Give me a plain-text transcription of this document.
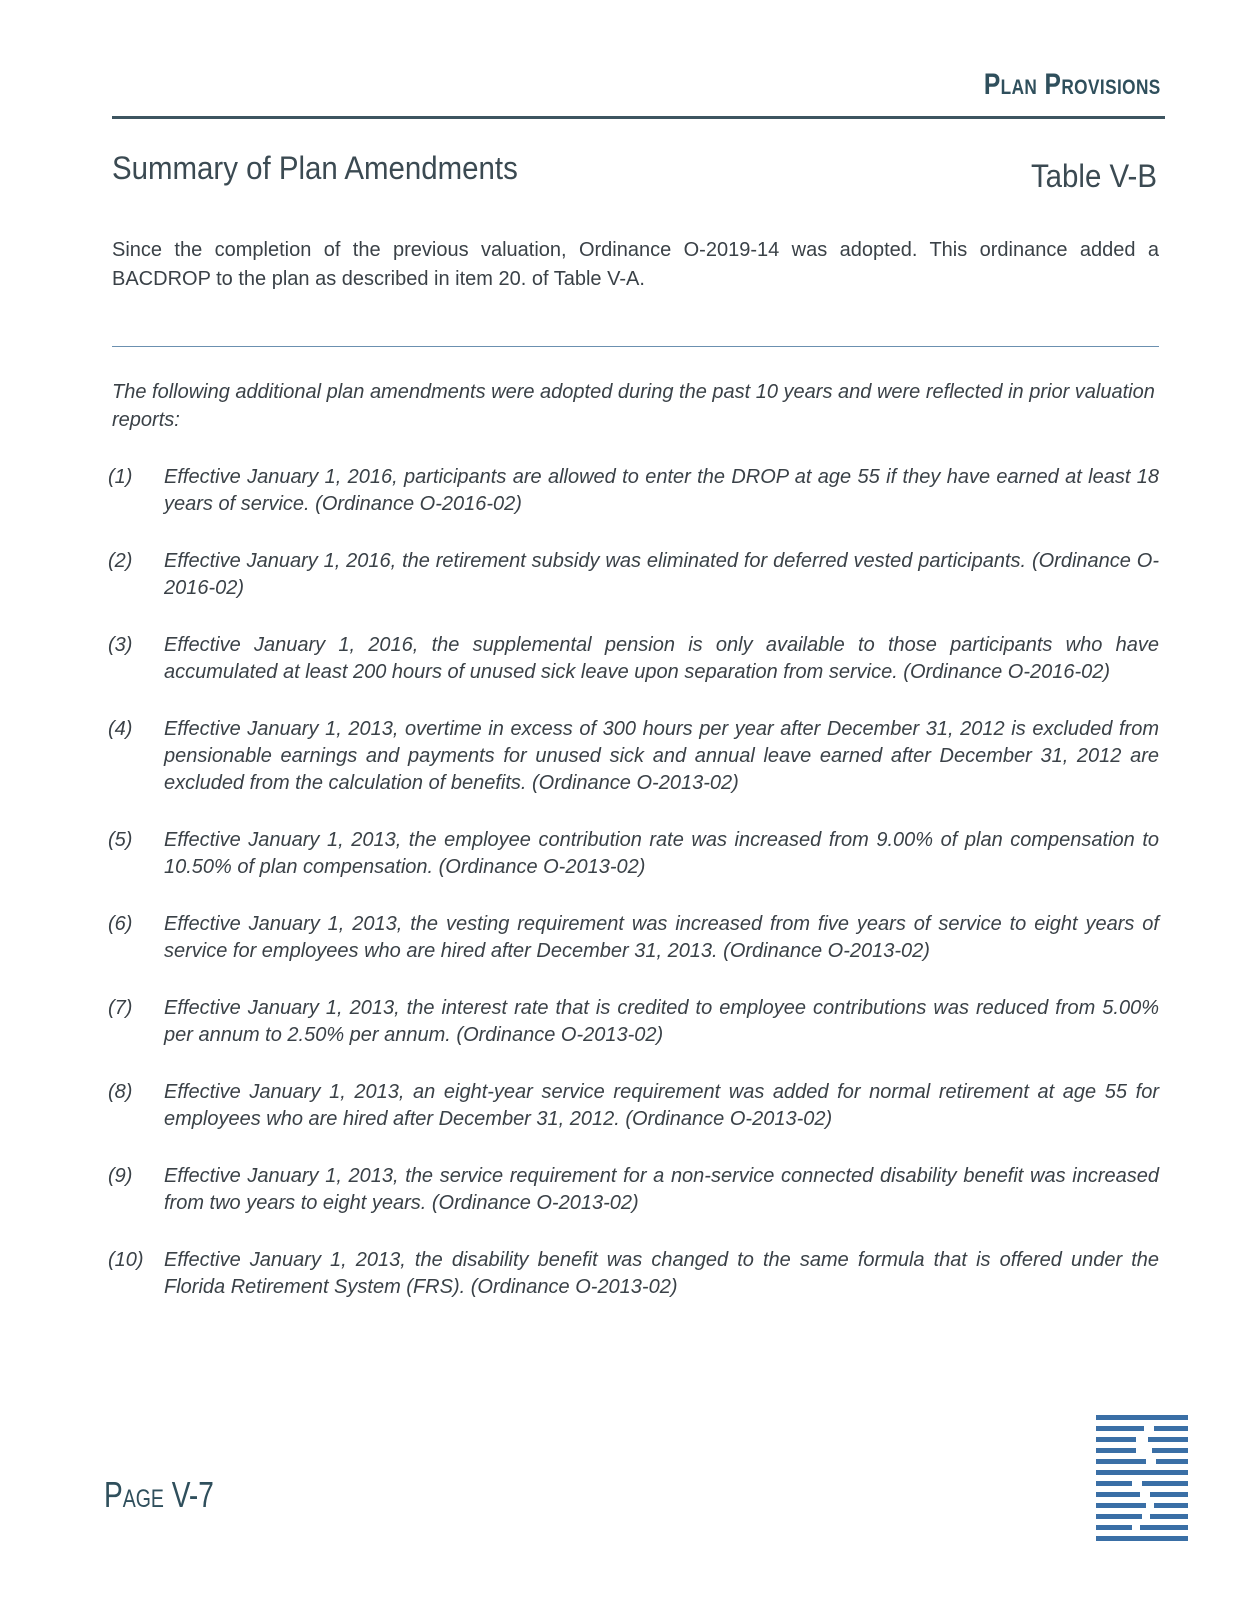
Plan Provisions
Summary of Plan Amendments	Table V-B
Since the completion of the previous valuation, Ordinance O-2019-14 was adopted. This ordinance added a BACDROP to the plan as described in item 20. of Table V-A.
The following additional plan amendments were adopted during the past 10 years and were reflected in prior valuation reports:
(1)	Effective January 1, 2016, participants are allowed to enter the DROP at age 55 if they have earned at least 18 years of service. (Ordinance O-2016-02)
(2)	Effective January 1, 2016, the retirement subsidy was eliminated for deferred vested participants. (Ordinance O-2016-02)
(3)	Effective January 1, 2016, the supplemental pension is only available to those participants who have accumulated at least 200 hours of unused sick leave upon separation from service. (Ordinance O-2016-02)
(4)	Effective January 1, 2013, overtime in excess of 300 hours per year after December 31, 2012 is excluded from pensionable earnings and payments for unused sick and annual leave earned after December 31, 2012 are excluded from the calculation of benefits. (Ordinance O-2013-02)
(5)	Effective January 1, 2013, the employee contribution rate was increased from 9.00% of plan compensation to 10.50% of plan compensation. (Ordinance O-2013-02)
(6)	Effective January 1, 2013, the vesting requirement was increased from five years of service to eight years of service for employees who are hired after December 31, 2013. (Ordinance O-2013-02)
(7)	Effective January 1, 2013, the interest rate that is credited to employee contributions was reduced from 5.00% per annum to 2.50% per annum. (Ordinance O-2013-02)
(8)	Effective January 1, 2013, an eight-year service requirement was added for normal retirement at age 55 for employees who are hired after December 31, 2012. (Ordinance O-2013-02)
(9)	Effective January 1, 2013, the service requirement for a non-service connected disability benefit was increased from two years to eight years. (Ordinance O-2013-02)
(10)	Effective January 1, 2013, the disability benefit was changed to the same formula that is offered under the Florida Retirement System (FRS). (Ordinance O-2013-02)
Page V-7
